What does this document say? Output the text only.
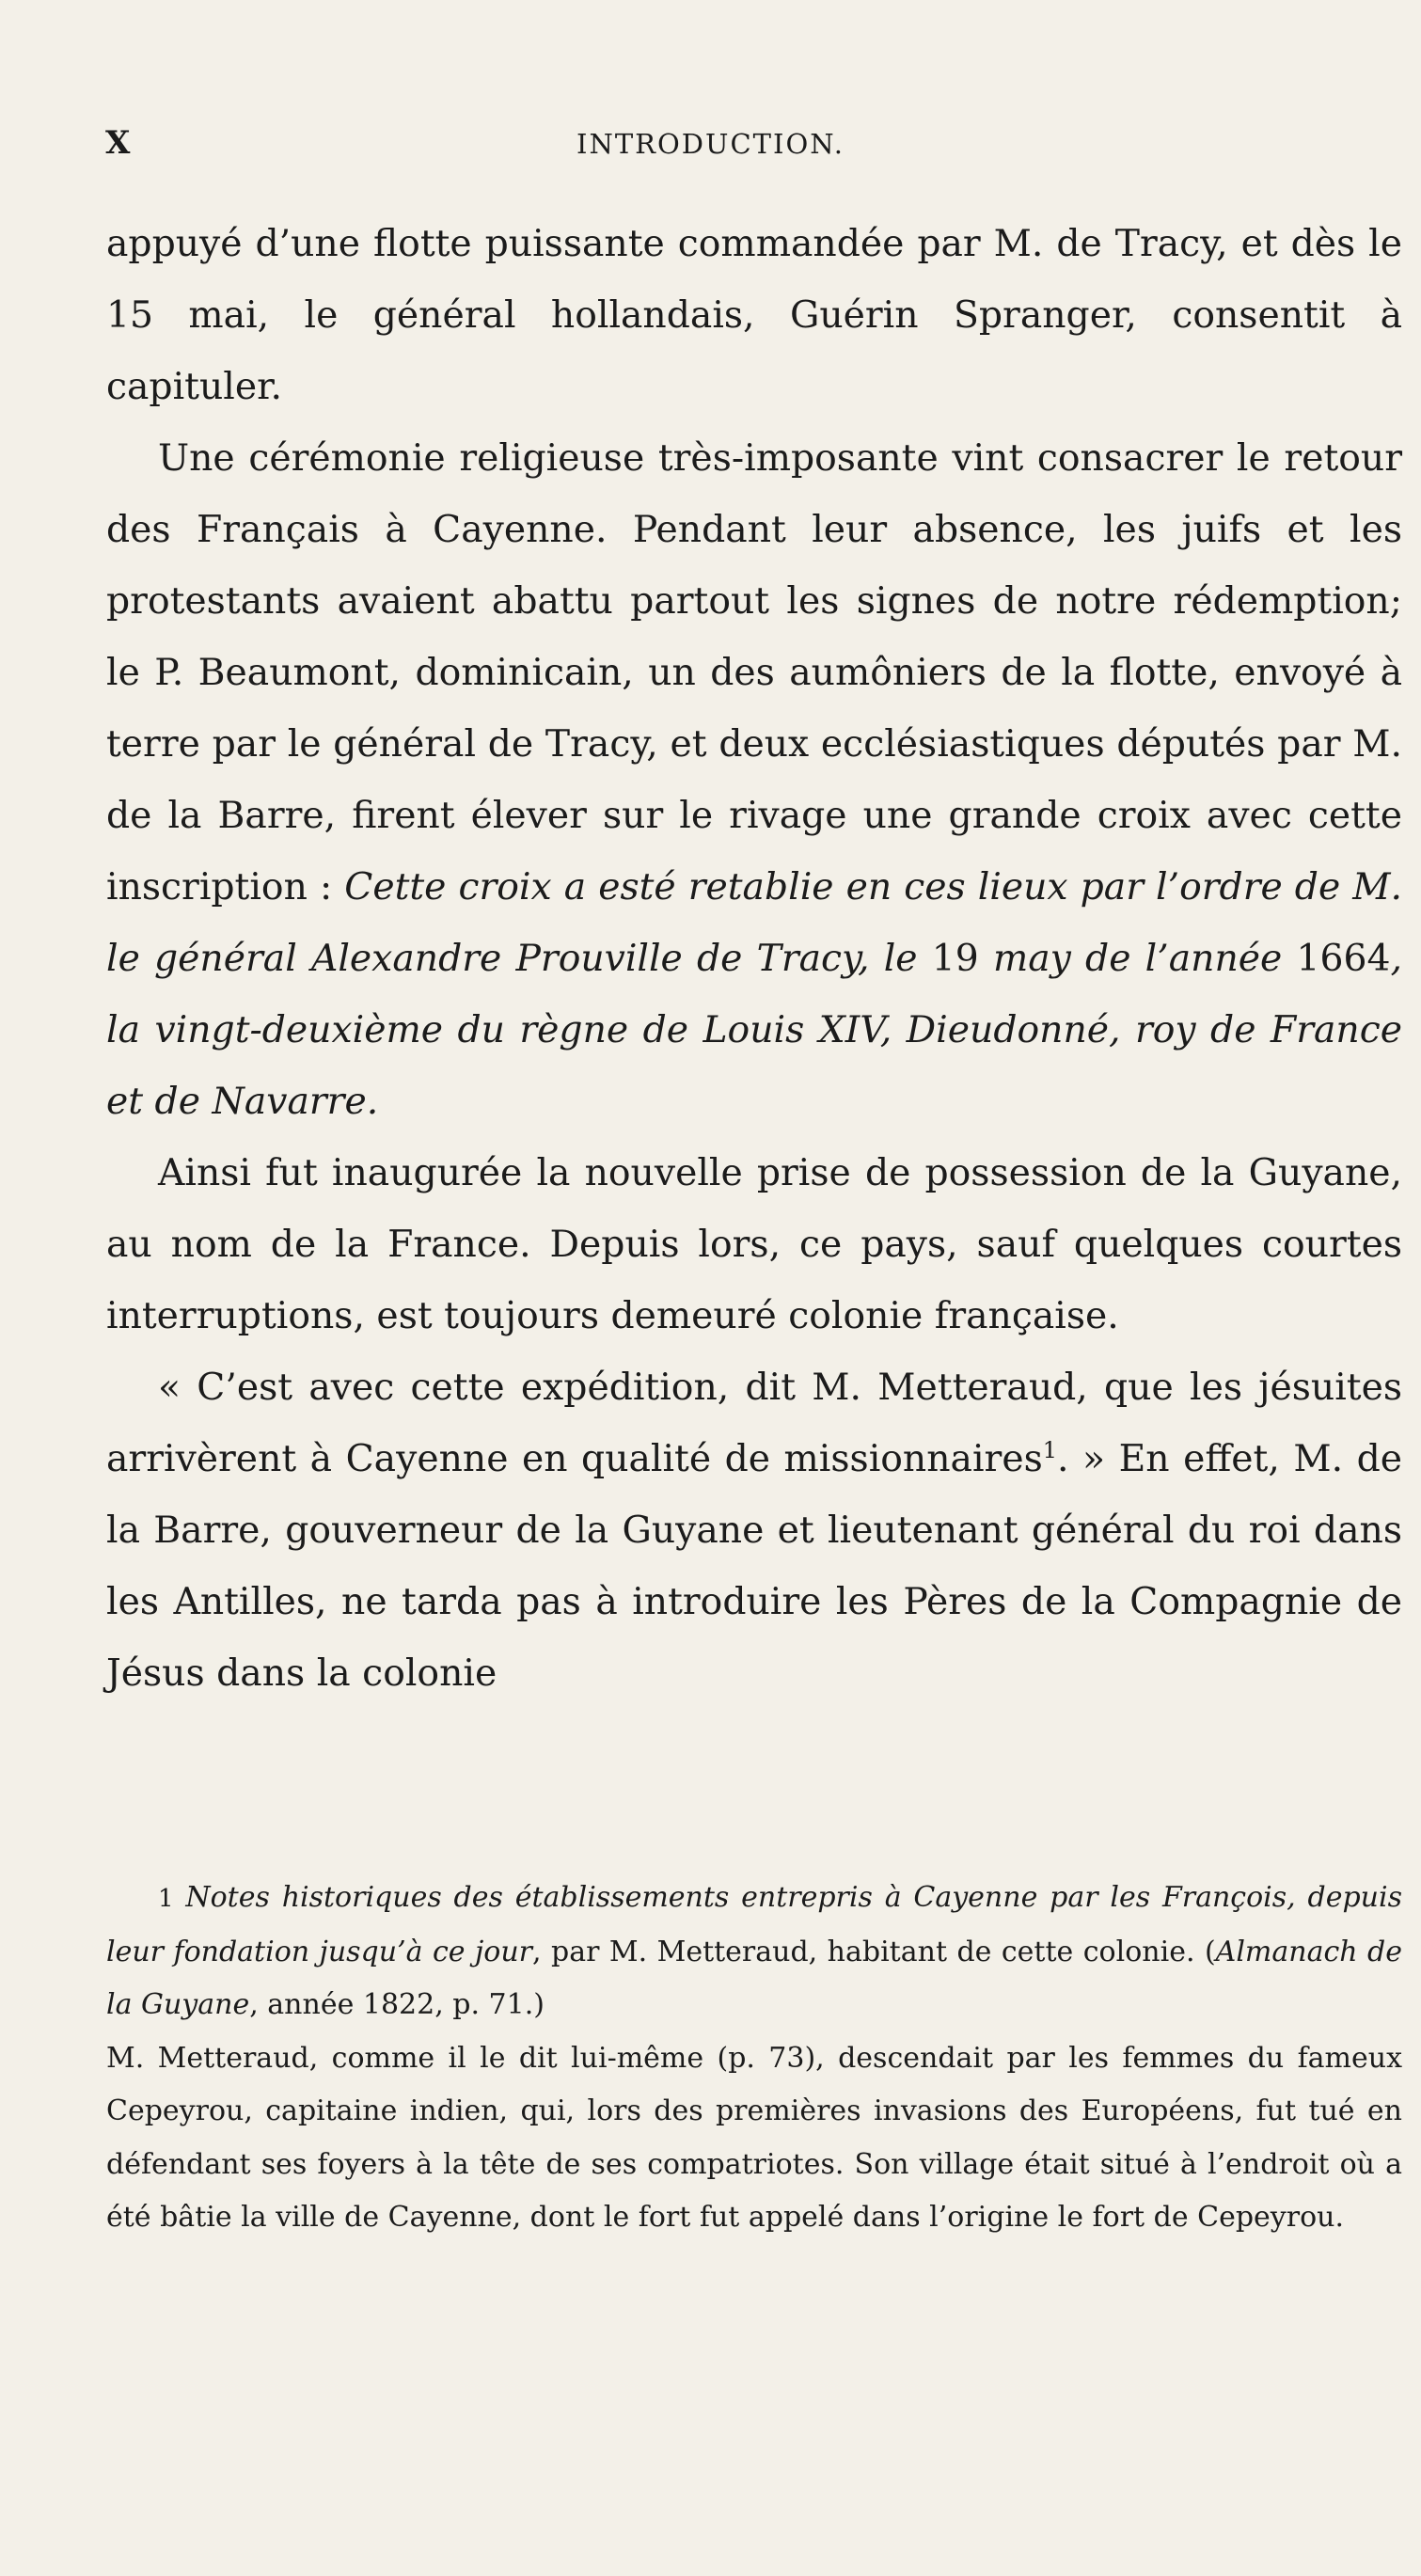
X	INTRODUCTION.

appuyé d’une flotte puissante commandée par M. de Tracy, et dès le 15 mai, le général hollandais, Guérin Spranger, consentit à capituler.

Une cérémonie religieuse très-imposante vint consacrer le retour des Français à Cayenne. Pendant leur absence, les juifs et les protestants avaient abattu partout les signes de notre rédemption; le P. Beaumont, dominicain, un des aumôniers de la flotte, envoyé à terre par le général de Tracy, et deux ecclésiastiques députés par M. de la Barre, firent élever sur le rivage une grande croix avec cette inscription : Cette croix a esté retablie en ces lieux par l’ordre de M. le général Alexandre Prouville de Tracy, le 19 may de l’année 1664, la vingt-deuxième du règne de Louis XIV, Dieudonné, roy de France et de Navarre.

Ainsi fut inaugurée la nouvelle prise de possession de la Guyane, au nom de la France. Depuis lors, ce pays, sauf quelques courtes interruptions, est toujours demeuré colonie française.

« C’est avec cette expédition, dit M. Metteraud, que les jésuites arrivèrent à Cayenne en qualité de missionnaires$^1$. » En effet, M. de la Barre, gouverneur de la Guyane et lieutenant général du roi dans les Antilles, ne tarda pas à introduire les Pères de la Compagnie de Jésus dans la colonie

1 Notes historiques des établissements entrepris à Cayenne par les François, depuis leur fondation jusqu’à ce jour, par M. Metteraud, habitant de cette colonie. (Almanach de la Guyane, année 1822, p. 71.)

M. Metteraud, comme il le dit lui-même (p. 73), descendait par les femmes du fameux Cepeyrou, capitaine indien, qui, lors des premières invasions des Européens, fut tué en défendant ses foyers à la tête de ses compatriotes. Son village était situé à l’endroit où a été bâtie la ville de Cayenne, dont le fort fut appelé dans l’origine le fort de Cepeyrou.
